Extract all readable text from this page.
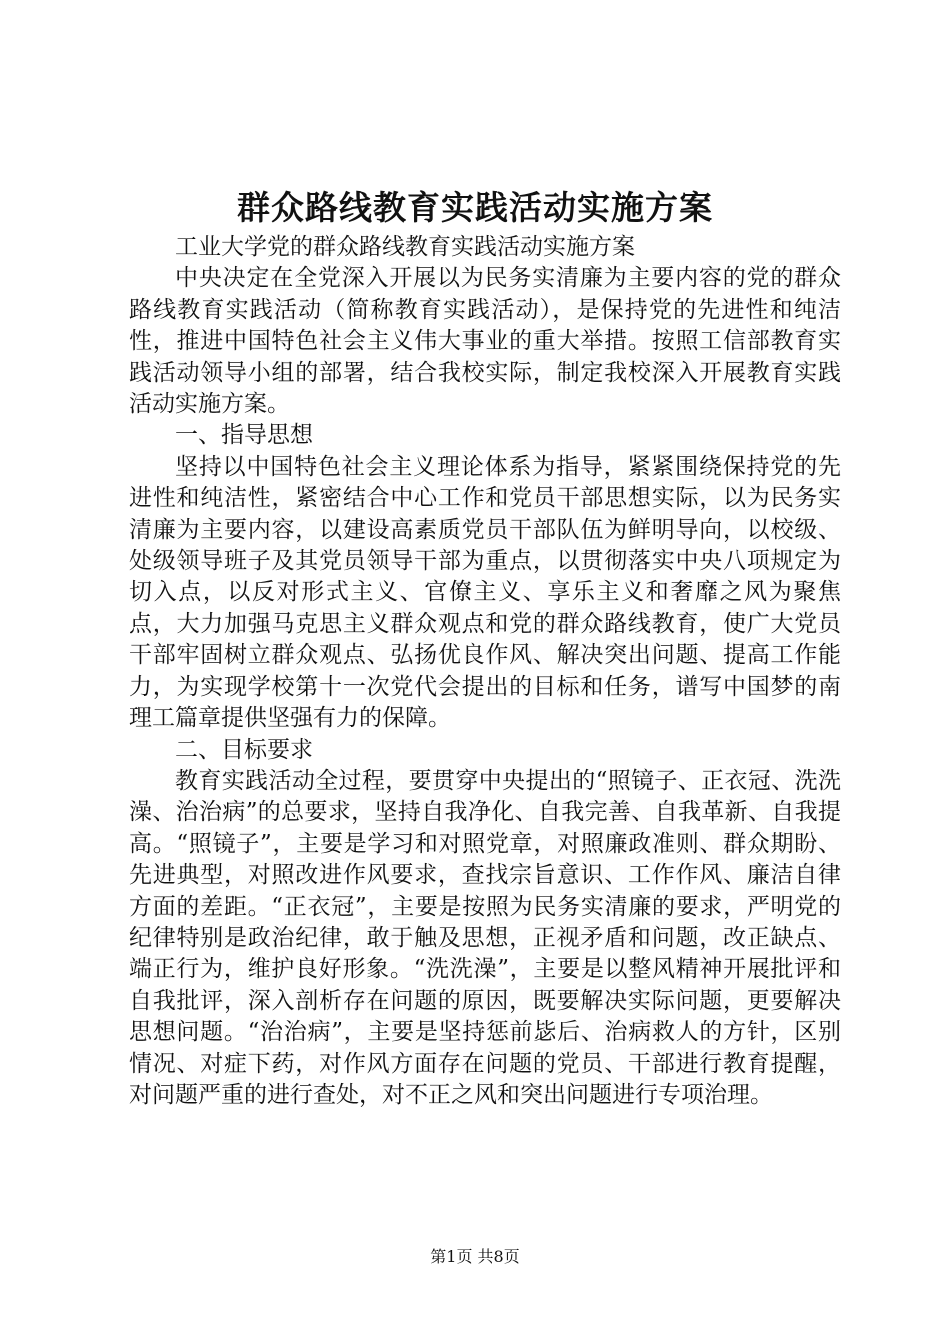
群众路线教育实践活动实施方案

工业大学党的群众路线教育实践活动实施方案

中央决定在全党深入开展以为民务实清廉为主要内容的党的群众路线教育实践活动（简称教育实践活动），是保持党的先进性和纯洁性，推进中国特色社会主义伟大事业的重大举措。按照工信部教育实践活动领导小组的部署，结合我校实际，制定我校深入开展教育实践活动实施方案。

一、指导思想

坚持以中国特色社会主义理论体系为指导，紧紧围绕保持党的先进性和纯洁性，紧密结合中心工作和党员干部思想实际，以为民务实清廉为主要内容，以建设高素质党员干部队伍为鲜明导向，以校级、处级领导班子及其党员领导干部为重点，以贯彻落实中央八项规定为切入点，以反对形式主义、官僚主义、享乐主义和奢靡之风为聚焦点，大力加强马克思主义群众观点和党的群众路线教育，使广大党员干部牢固树立群众观点、弘扬优良作风、解决突出问题、提高工作能力，为实现学校第十一次党代会提出的目标和任务，谱写中国梦的南理工篇章提供坚强有力的保障。

二、目标要求

教育实践活动全过程，要贯穿中央提出的“照镜子、正衣冠、洗洗澡、治治病”的总要求，坚持自我净化、自我完善、自我革新、自我提高。“照镜子”，主要是学习和对照党章，对照廉政准则、群众期盼、先进典型，对照改进作风要求，查找宗旨意识、工作作风、廉洁自律方面的差距。“正衣冠”，主要是按照为民务实清廉的要求，严明党的纪律特别是政治纪律，敢于触及思想，正视矛盾和问题，改正缺点、端正行为，维护良好形象。“洗洗澡”，主要是以整风精神开展批评和自我批评，深入剖析存在问题的原因，既要解决实际问题，更要解决思想问题。“治治病”，主要是坚持惩前毖后、治病救人的方针，区别情况、对症下药，对作风方面存在问题的党员、干部进行教育提醒，对问题严重的进行查处，对不正之风和突出问题进行专项治理。

第1页 共8页
